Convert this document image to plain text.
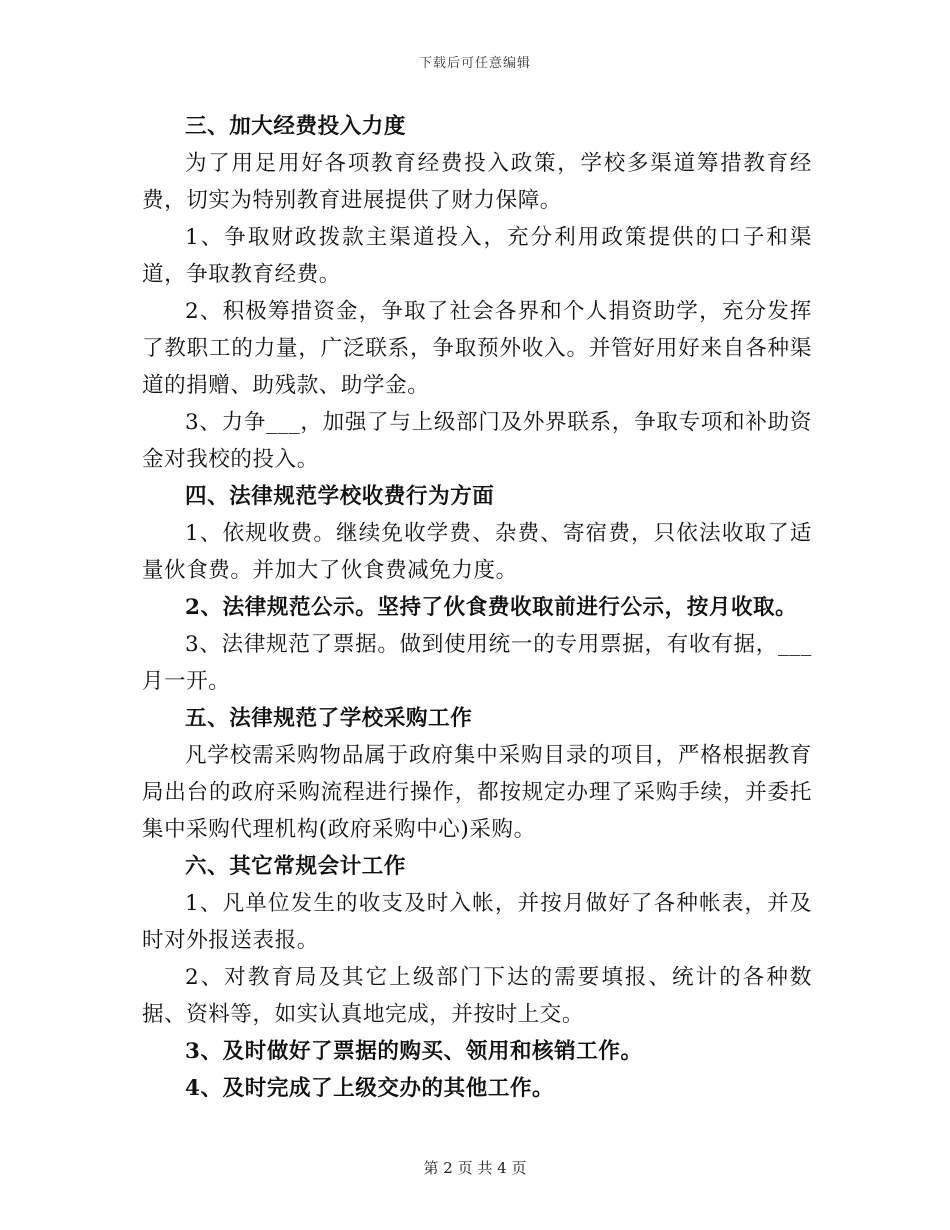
下载后可任意编辑

三、加大经费投入力度

为了用足用好各项教育经费投入政策，学校多渠道筹措教育经费，切实为特别教育进展提供了财力保障。

1、争取财政拨款主渠道投入，充分利用政策提供的口子和渠道，争取教育经费。

2、积极筹措资金，争取了社会各界和个人捐资助学，充分发挥了教职工的力量，广泛联系，争取预外收入。并管好用好来自各种渠道的捐赠、助残款、助学金。

3、力争___，加强了与上级部门及外界联系，争取专项和补助资金对我校的投入。

四、法律规范学校收费行为方面

1、依规收费。继续免收学费、杂费、寄宿费，只依法收取了适量伙食费。并加大了伙食费减免力度。

2、法律规范公示。坚持了伙食费收取前进行公示，按月收取。

3、法律规范了票据。做到使用统一的专用票据，有收有据，___月一开。

五、法律规范了学校采购工作

凡学校需采购物品属于政府集中采购目录的项目，严格根据教育局出台的政府采购流程进行操作，都按规定办理了采购手续，并委托集中采购代理机构(政府采购中心)采购。

六、其它常规会计工作

1、凡单位发生的收支及时入帐，并按月做好了各种帐表，并及时对外报送表报。

2、对教育局及其它上级部门下达的需要填报、统计的各种数据、资料等，如实认真地完成，并按时上交。

3、及时做好了票据的购买、领用和核销工作。

4、及时完成了上级交办的其他工作。

第 2 页 共 4 页
